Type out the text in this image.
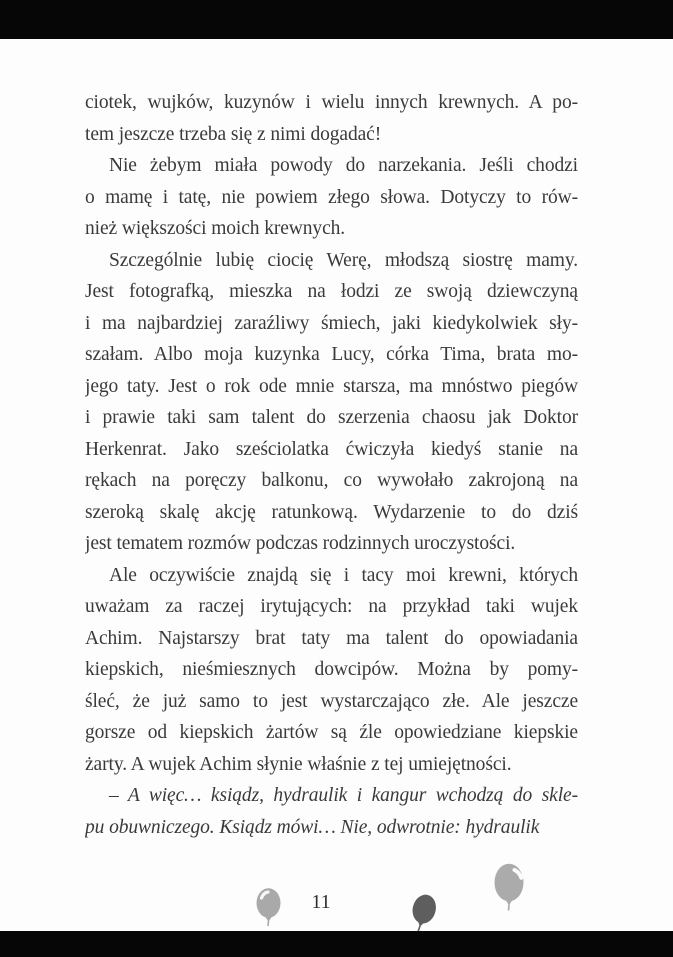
ciotek, wujków, kuzynów i wielu innych krewnych. A po-
tem jeszcze trzeba się z nimi dogadać!
Nie żebym miała powody do narzekania. Jeśli chodzi
o mamę i tatę, nie powiem złego słowa. Dotyczy to rów-
nież większości moich krewnych.
Szczególnie lubię ciocię Werę, młodszą siostrę mamy.
Jest fotografką, mieszka na łodzi ze swoją dziewczyną
i ma najbardziej zaraźliwy śmiech, jaki kiedykolwiek sły-
szałam. Albo moja kuzynka Lucy, córka Tima, brata mo-
jego taty. Jest o rok ode mnie starsza, ma mnóstwo piegów
i prawie taki sam talent do szerzenia chaosu jak Doktor
Herkenrat. Jako sześciolatka ćwiczyła kiedyś stanie na
rękach na poręczy balkonu, co wywołało zakrojoną na
szeroką skalę akcję ratunkową. Wydarzenie to do dziś
jest tematem rozmów podczas rodzinnych uroczystości.
Ale oczywiście znajdą się i tacy moi krewni, których
uważam za raczej irytujących: na przykład taki wujek
Achim. Najstarszy brat taty ma talent do opowiadania
kiepskich, nieśmiesznych dowcipów. Można by pomy-
śleć, że już samo to jest wystarczająco złe. Ale jeszcze
gorsze od kiepskich żartów są źle opowiedziane kiepskie
żarty. A wujek Achim słynie właśnie z tej umiejętności.
– A więc… ksiądz, hydraulik i kangur wchodzą do skle-
pu obuwniczego. Ksiądz mówi… Nie, odwrotnie: hydraulik
11
